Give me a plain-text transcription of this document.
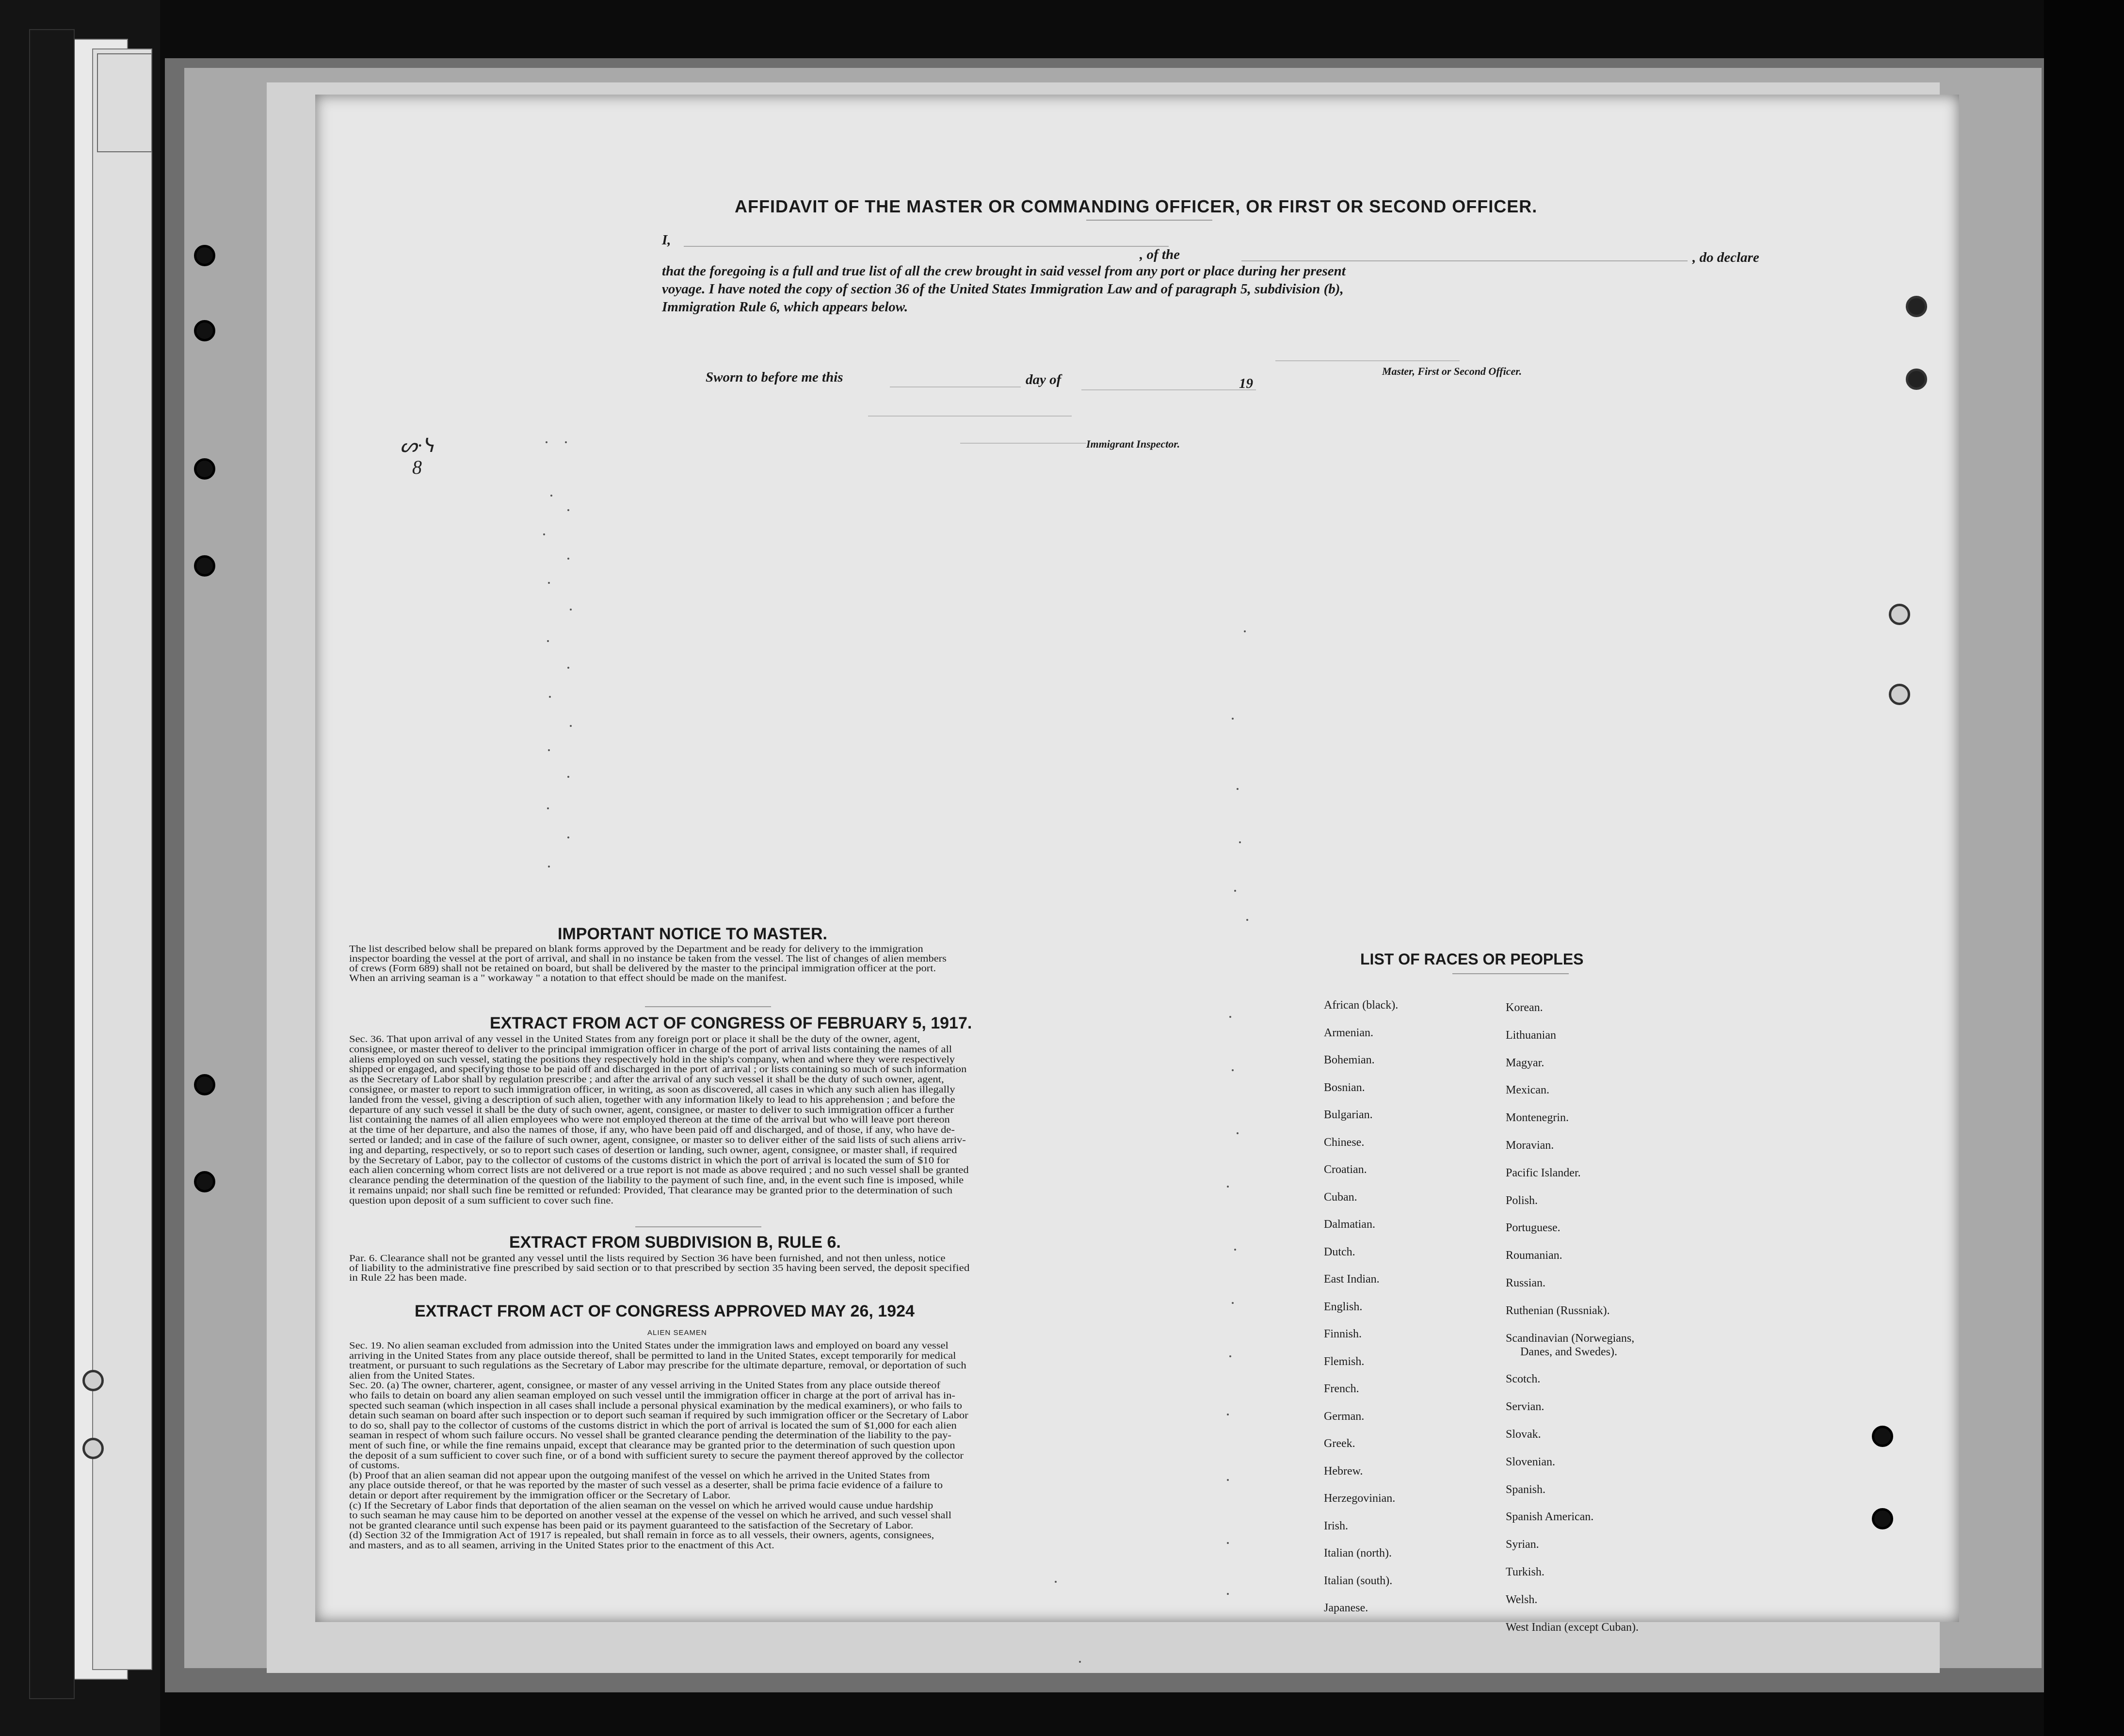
AFFIDAVIT OF THE MASTER OR COMMANDING OFFICER, OR FIRST OR SECOND OFFICER.
I,
, of the	, do declare
that the foregoing is a full and true list of all the crew brought in said vessel from any port or place during her present
voyage. I have noted the copy of section 36 of the United States Immigration Law and of paragraph 5, subdivision (b),
Immigration Rule 6, which appears below.
Sworn to before me this	day of	19
Master, First or Second Officer.
Immigrant Inspector.
ᔕ·ᓭ
8
IMPORTANT NOTICE TO MASTER.
The list described below shall be prepared on blank forms approved by the Department and be ready for delivery to the immigration
inspector boarding the vessel at the port of arrival, and shall in no instance be taken from the vessel. The list of changes of alien members
of crews (Form 689) shall not be retained on board, but shall be delivered by the master to the principal immigration officer at the port.
When an arriving seaman is a " workaway " a notation to that effect should be made on the manifest.
EXTRACT FROM ACT OF CONGRESS OF FEBRUARY 5, 1917.
Sec. 36. That upon arrival of any vessel in the United States from any foreign port or place it shall be the duty of the owner, agent,
consignee, or master thereof to deliver to the principal immigration officer in charge of the port of arrival lists containing the names of all
aliens employed on such vessel, stating the positions they respectively hold in the ship's company, when and where they were respectively
shipped or engaged, and specifying those to be paid off and discharged in the port of arrival ; or lists containing so much of such information
as the Secretary of Labor shall by regulation prescribe ; and after the arrival of any such vessel it shall be the duty of such owner, agent,
consignee, or master to report to such immigration officer, in writing, as soon as discovered, all cases in which any such alien has illegally
landed from the vessel, giving a description of such alien, together with any information likely to lead to his apprehension ; and before the
departure of any such vessel it shall be the duty of such owner, agent, consignee, or master to deliver to such immigration officer a further
list containing the names of all alien employees who were not employed thereon at the time of the arrival but who will leave port thereon
at the time of her departure, and also the names of those, if any, who have been paid off and discharged, and of those, if any, who have de-
serted or landed; and in case of the failure of such owner, agent, consignee, or master so to deliver either of the said lists of such aliens arriv-
ing and departing, respectively, or so to report such cases of desertion or landing, such owner, agent, consignee, or master shall, if required
by the Secretary of Labor, pay to the collector of customs of the customs district in which the port of arrival is located the sum of $10 for
each alien concerning whom correct lists are not delivered or a true report is not made as above required ; and no such vessel shall be granted
clearance pending the determination of the question of the liability to the payment of such fine, and, in the event such fine is imposed, while
it remains unpaid; nor shall such fine be remitted or refunded: Provided, That clearance may be granted prior to the determination of such
question upon deposit of a sum sufficient to cover such fine.
EXTRACT FROM SUBDIVISION B, RULE 6.
Par. 6. Clearance shall not be granted any vessel until the lists required by Section 36 have been furnished, and not then unless, notice
of liability to the administrative fine prescribed by said section or to that prescribed by section 35 having been served, the deposit specified
in Rule 22 has been made.
EXTRACT FROM ACT OF CONGRESS APPROVED MAY 26, 1924
ALIEN SEAMEN
Sec. 19. No alien seaman excluded from admission into the United States under the immigration laws and employed on board any vessel
arriving in the United States from any place outside thereof, shall be permitted to land in the United States, except temporarily for medical
treatment, or pursuant to such regulations as the Secretary of Labor may prescribe for the ultimate departure, removal, or deportation of such
alien from the United States.
Sec. 20. (a) The owner, charterer, agent, consignee, or master of any vessel arriving in the United States from any place outside thereof
who fails to detain on board any alien seaman employed on such vessel until the immigration officer in charge at the port of arrival has in-
spected such seaman (which inspection in all cases shall include a personal physical examination by the medical examiners), or who fails to
detain such seaman on board after such inspection or to deport such seaman if required by such immigration officer or the Secretary of Labor
to do so, shall pay to the collector of customs of the customs district in which the port of arrival is located the sum of $1,000 for each alien
seaman in respect of whom such failure occurs. No vessel shall be granted clearance pending the determination of the liability to the pay-
ment of such fine, or while the fine remains unpaid, except that clearance may be granted prior to the determination of such question upon
the deposit of a sum sufficient to cover such fine, or of a bond with sufficient surety to secure the payment thereof approved by the collector
of customs.
(b) Proof that an alien seaman did not appear upon the outgoing manifest of the vessel on which he arrived in the United States from
any place outside thereof, or that he was reported by the master of such vessel as a deserter, shall be prima facie evidence of a failure to
detain or deport after requirement by the immigration officer or the Secretary of Labor.
(c) If the Secretary of Labor finds that deportation of the alien seaman on the vessel on which he arrived would cause undue hardship
to such seaman he may cause him to be deported on another vessel at the expense of the vessel on which he arrived, and such vessel shall
not be granted clearance until such expense has been paid or its payment guaranteed to the satisfaction of the Secretary of Labor.
(d) Section 32 of the Immigration Act of 1917 is repealed, but shall remain in force as to all vessels, their owners, agents, consignees,
and masters, and as to all seamen, arriving in the United States prior to the enactment of this Act.
LIST OF RACES OR PEOPLES
African (black).
Armenian.
Bohemian.
Bosnian.
Bulgarian.
Chinese.
Croatian.
Cuban.
Dalmatian.
Dutch.
East Indian.
English.
Finnish.
Flemish.
French.
German.
Greek.
Hebrew.
Herzegovinian.
Irish.
Italian (north).
Italian (south).
Japanese.
Korean.
Lithuanian
Magyar.
Mexican.
Montenegrin.
Moravian.
Pacific Islander.
Polish.
Portuguese.
Roumanian.
Russian.
Ruthenian (Russniak).
Scandinavian (Norwegians,
Danes, and Swedes).
Scotch.
Servian.
Slovak.
Slovenian.
Spanish.
Spanish American.
Syrian.
Turkish.
Welsh.
West Indian (except Cuban).
